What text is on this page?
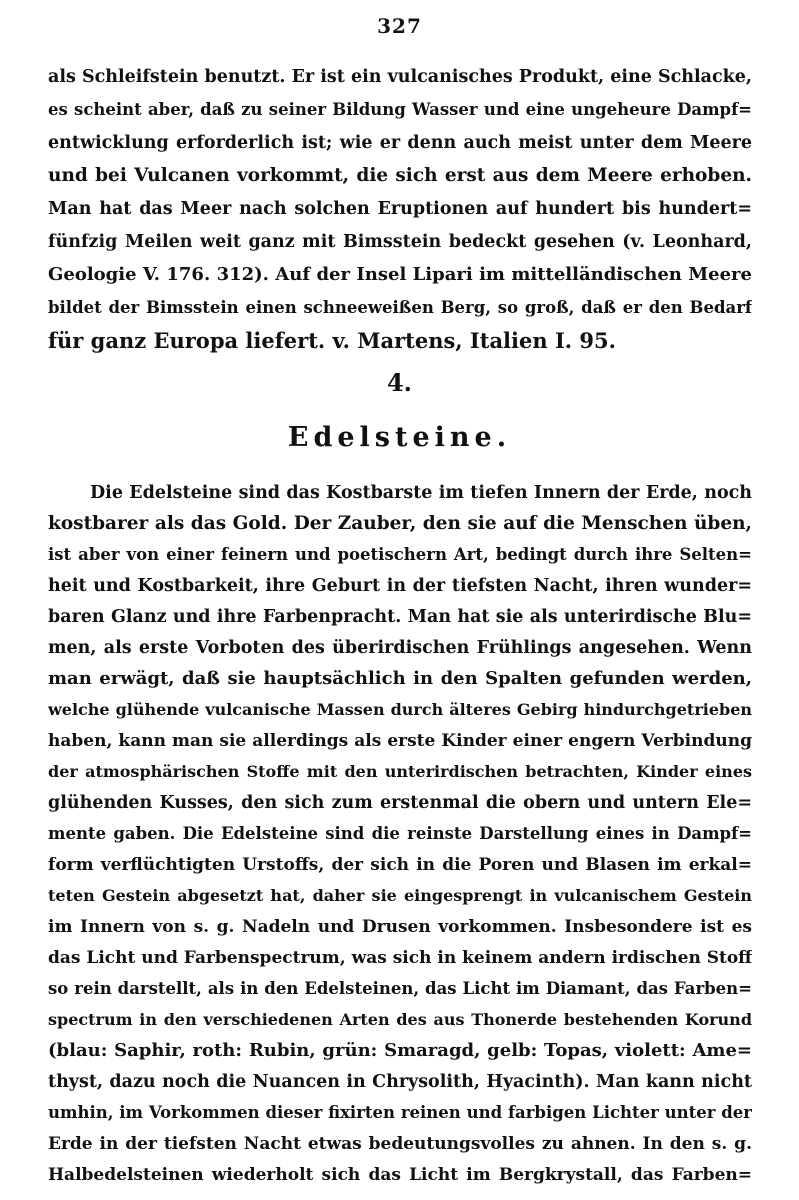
327
als Schleifstein benutzt. Er ist ein vulcanisches Produkt, eine Schlacke,
es scheint aber, daß zu seiner Bildung Wasser und eine ungeheure Dampf=
entwicklung erforderlich ist; wie er denn auch meist unter dem Meere
und bei Vulcanen vorkommt, die sich erst aus dem Meere erhoben.
Man hat das Meer nach solchen Eruptionen auf hundert bis hundert=
fünfzig Meilen weit ganz mit Bimsstein bedeckt gesehen (v. Leonhard,
Geologie V. 176. 312). Auf der Insel Lipari im mittelländischen Meere
bildet der Bimsstein einen schneeweißen Berg, so groß, daß er den Bedarf
für ganz Europa liefert. v. Martens, Italien I. 95.
4.
Edelsteine.
Die Edelsteine sind das Kostbarste im tiefen Innern der Erde, noch
kostbarer als das Gold. Der Zauber, den sie auf die Menschen üben,
ist aber von einer feinern und poetischern Art, bedingt durch ihre Selten=
heit und Kostbarkeit, ihre Geburt in der tiefsten Nacht, ihren wunder=
baren Glanz und ihre Farbenpracht. Man hat sie als unterirdische Blu=
men, als erste Vorboten des überirdischen Frühlings angesehen. Wenn
man erwägt, daß sie hauptsächlich in den Spalten gefunden werden,
welche glühende vulcanische Massen durch älteres Gebirg hindurchgetrieben
haben, kann man sie allerdings als erste Kinder einer engern Verbindung
der atmosphärischen Stoffe mit den unterirdischen betrachten, Kinder eines
glühenden Kusses, den sich zum erstenmal die obern und untern Ele=
mente gaben. Die Edelsteine sind die reinste Darstellung eines in Dampf=
form verflüchtigten Urstoffs, der sich in die Poren und Blasen im erkal=
teten Gestein abgesetzt hat, daher sie eingesprengt in vulcanischem Gestein
im Innern von s. g. Nadeln und Drusen vorkommen. Insbesondere ist es
das Licht und Farbenspectrum, was sich in keinem andern irdischen Stoff
so rein darstellt, als in den Edelsteinen, das Licht im Diamant, das Farben=
spectrum in den verschiedenen Arten des aus Thonerde bestehenden Korund
(blau: Saphir, roth: Rubin, grün: Smaragd, gelb: Topas, violett: Ame=
thyst, dazu noch die Nuancen in Chrysolith, Hyacinth). Man kann nicht
umhin, im Vorkommen dieser fixirten reinen und farbigen Lichter unter der
Erde in der tiefsten Nacht etwas bedeutungsvolles zu ahnen. In den s. g.
Halbedelsteinen wiederholt sich das Licht im Bergkrystall, das Farben=
